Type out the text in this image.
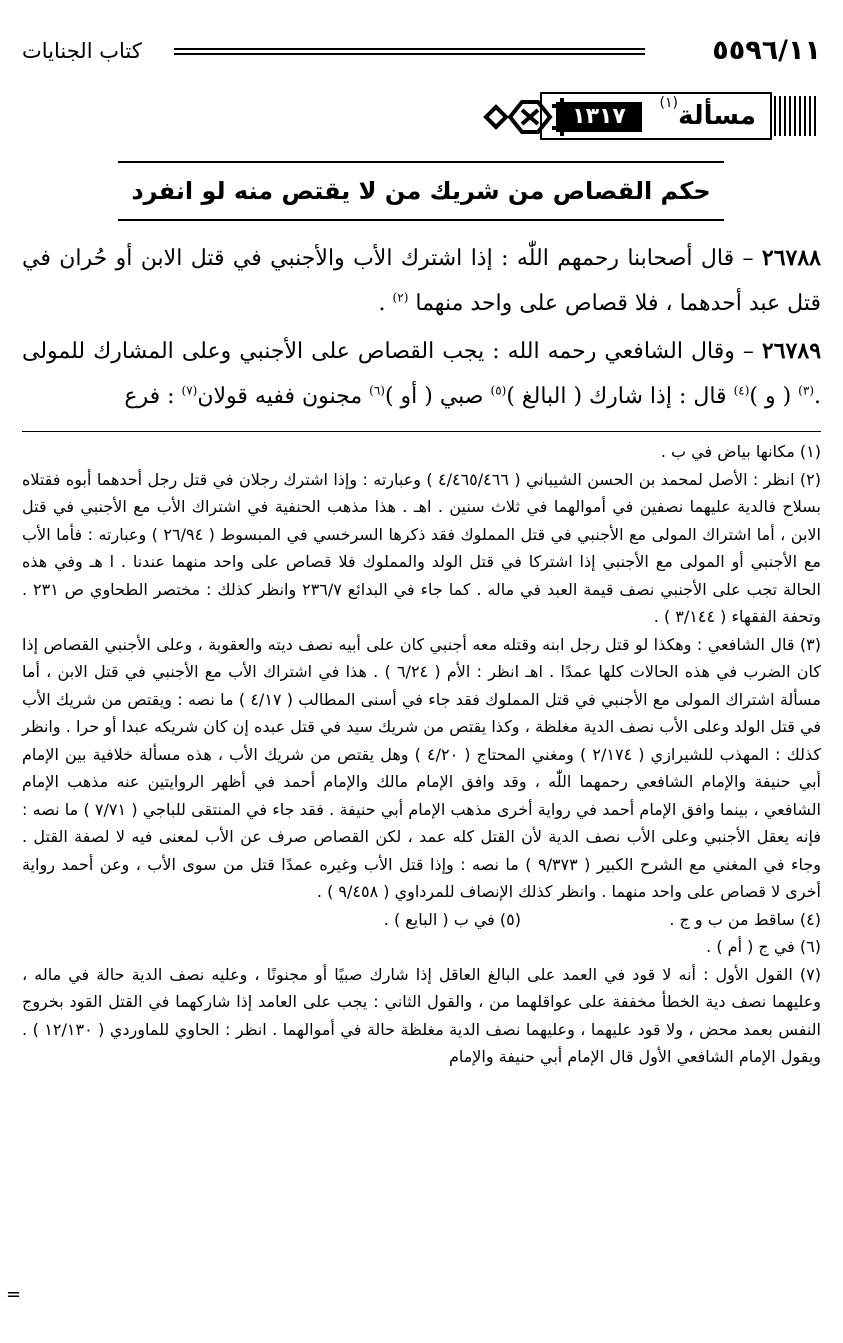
٥٥٩٦/١١
كتاب الجنايات
مسألة
(١)
١٣١٧
حكم القصاص من شريك من لا يقتص منه لو انفرد

٢٦٧٨٨ – قال أصحابنا رحمهم اللّٰه : إذا اشترك الأب والأجنبي في قتل الابن أو حُران في قتل عبد أحدهما ، فلا قصاص على واحد منهما $^{(٢)}$ .

٢٦٧٨٩ – وقال الشافعي رحمه الله : يجب القصاص على الأجنبي وعلى المشارك للمولى .$^{(٣)}$ ( و )$^{(٤)}$ قال : إذا شارك ( البالغ )$^{(٥)}$ صبي ( أو )$^{(٦)}$ مجنون ففيه قولان$^{(٧)}$ : فرع

(١) مكانها بياض في ب .

(٢) انظر : الأصل لمحمد بن الحسن الشيباني ( ٤/٤٦٥/٤٦٦ ) وعبارته : وإذا اشترك رجلان في قتل رجل أحدهما أبوه فقتلاه بسلاح فالدية عليهما نصفين في أموالهما في ثلاث سنين . اهـ . هذا مذهب الحنفية في اشتراك الأب مع الأجنبي في قتل الابن ، أما اشتراك المولى مع الأجنبي في قتل المملوك فقد ذكرها السرخسي في المبسوط ( ٢٦/٩٤ ) وعبارته : فأما الأب مع الأجنبي أو المولى مع الأجنبي إذا اشتركا في قتل الولد والمملوك فلا قصاص على واحد منهما عندنا . ا هـ وفي هذه الحالة تجب على الأجنبي نصف قيمة العبد في ماله . كما جاء في البدائع ٢٣٦/٧ وانظر كذلك : مختصر الطحاوي ص ٢٣١ . وتحفة الفقهاء ( ٣/١٤٤ ) .

(٣) قال الشافعي : وهكذا لو قتل رجل ابنه وقتله معه أجنبي كان على أبيه نصف ديته والعقوبة ، وعلى الأجنبي القصاص إذا كان الضرب في هذه الحالات كلها عمدًا . اهـ انظر : الأم ( ٦/٢٤ ) . هذا في اشتراك الأب مع الأجنبي في قتل الابن ، أما مسألة اشتراك المولى مع الأجنبي في قتل المملوك فقد جاء في أسنى المطالب ( ٤/١٧ ) ما نصه : ويقتص من شريك الأب في قتل الولد وعلى الأب نصف الدية مغلظة ، وكذا يقتص من شريك سيد في قتل عبده إن كان شريكه عبدا أو حرا . وانظر كذلك : المهذب للشيرازي ( ٢/١٧٤ ) ومغني المحتاج ( ٤/٢٠ ) وهل يقتص من شريك الأب ، هذه مسألة خلافية بين الإمام أبي حنيفة والإمام الشافعي رحمهما اللّٰه ، وقد وافق الإمام مالك والإمام أحمد في أظهر الروايتين عنه مذهب الإمام الشافعي ، بينما وافق الإمام أحمد في رواية أخرى مذهب الإمام أبي حنيفة . فقد جاء في المنتقى للباجي ( ٧/٧١ ) ما نصه : فإنه يعقل الأجنبي وعلى الأب نصف الدية لأن القتل كله عمد ، لكن القصاص صرف عن الأب لمعنى فيه لا لصفة القتل . وجاء في المغني مع الشرح الكبير ( ٩/٣٧٣ ) ما نصه : وإذا قتل الأب وغيره عمدًا قتل من سوى الأب ، وعن أحمد رواية أخرى لا قصاص على واحد منهما . وانظر كذلك الإنصاف للمرداوي ( ٩/٤٥٨ ) .

(٤) ساقط من ب و ج .
(٥) في ب ( البايع ) .

(٦) في ج ( أم ) .

(٧) القول الأول : أنه لا قود في العمد على البالغ العاقل إذا شارك صبيًا أو مجنونًا ، وعليه نصف الدية حالة في ماله ، وعليهما نصف دية الخطأ مخففة على عواقلهما من ، والقول الثاني : يجب على العامد إذا شاركهما في القتل القود بخروج النفس بعمد محض ، ولا قود عليهما ، وعليهما نصف الدية مغلظة حالة في أموالهما . انظر : الحاوي للماوردي ( ١٢/١٣٠ ) . ويقول الإمام الشافعي الأول قال الإمام أبي حنيفة والإمام

=
